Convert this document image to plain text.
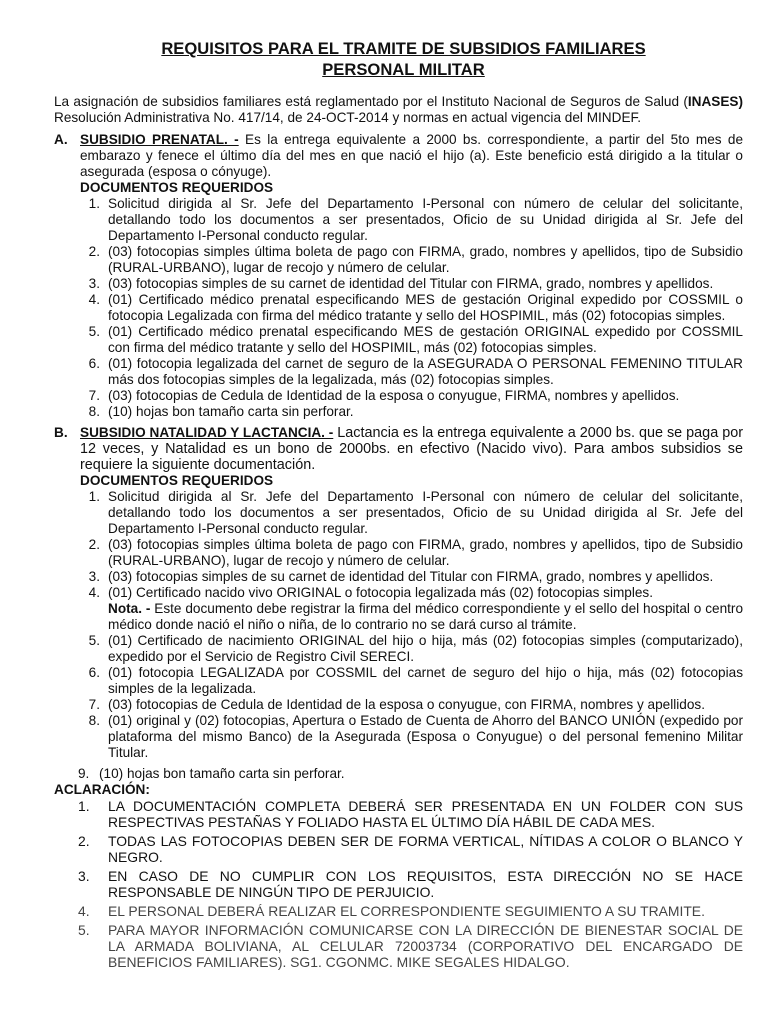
REQUISITOS PARA EL TRAMITE DE SUBSIDIOS FAMILIARES
PERSONAL MILITAR

La asignación de subsidios familiares está reglamentado por el Instituto Nacional de Seguros de Salud (INASES) Resolución Administrativa No. 417/14, de 24-OCT-2014 y normas en actual vigencia del MINDEF.

A. SUBSIDIO PRENATAL. - Es la entrega equivalente a 2000 bs. correspondiente, a partir del 5to mes de embarazo y fenece el último día del mes en que nació el hijo (a). Este beneficio está dirigido a la titular o asegurada (esposa o cónyuge).

DOCUMENTOS REQUERIDOS
1. Solicitud dirigida al Sr. Jefe del Departamento I-Personal con número de celular del solicitante, detallando todo los documentos a ser presentados, Oficio de su Unidad dirigida al Sr. Jefe del Departamento I-Personal conducto regular.
2. (03) fotocopias simples última boleta de pago con FIRMA, grado, nombres y apellidos, tipo de Subsidio (RURAL-URBANO), lugar de recojo y número de celular.
3. (03) fotocopias simples de su carnet de identidad del Titular con FIRMA, grado, nombres y apellidos.
4. (01) Certificado médico prenatal especificando MES de gestación Original expedido por COSSMIL o fotocopia Legalizada con firma del médico tratante y sello del HOSPIMIL, más (02) fotocopias simples.
5. (01) Certificado médico prenatal especificando MES de gestación ORIGINAL expedido por COSSMIL con firma del médico tratante y sello del HOSPIMIL, más (02) fotocopias simples.
6. (01) fotocopia legalizada del carnet de seguro de la ASEGURADA O PERSONAL FEMENINO TITULAR más dos fotocopias simples de la legalizada, más (02) fotocopias simples.
7. (03) fotocopias de Cedula de Identidad de la esposa o conyugue, FIRMA, nombres y apellidos.
8. (10) hojas bon tamaño carta sin perforar.
B. SUBSIDIO NATALIDAD Y LACTANCIA. - Lactancia es la entrega equivalente a 2000 bs. que se paga por 12 veces, y Natalidad es un bono de 2000bs. en efectivo (Nacido vivo). Para ambos subsidios se requiere la siguiente documentación.

DOCUMENTOS REQUERIDOS
1. Solicitud dirigida al Sr. Jefe del Departamento I-Personal con número de celular del solicitante, detallando todo los documentos a ser presentados, Oficio de su Unidad dirigida al Sr. Jefe del Departamento I-Personal conducto regular.
2. (03) fotocopias simples última boleta de pago con FIRMA, grado, nombres y apellidos, tipo de Subsidio (RURAL-URBANO), lugar de recojo y número de celular.
3. (03) fotocopias simples de su carnet de identidad del Titular con FIRMA, grado, nombres y apellidos.
4. (01) Certificado nacido vivo ORIGINAL o fotocopia legalizada más (02) fotocopias simples.
Nota. - Este documento debe registrar la firma del médico correspondiente y el sello del hospital o centro médico donde nació el niño o niña, de lo contrario no se dará curso al trámite.
5. (01) Certificado de nacimiento ORIGINAL del hijo o hija, más (02) fotocopias simples (computarizado), expedido por el Servicio de Registro Civil SERECI.
6. (01) fotocopia LEGALIZADA por COSSMIL del carnet de seguro del hijo o hija, más (02) fotocopias simples de la legalizada.
7. (03) fotocopias de Cedula de Identidad de la esposa o conyugue, con FIRMA, nombres y apellidos.
8. (01) original y (02) fotocopias, Apertura o Estado de Cuenta de Ahorro del BANCO UNIÓN (expedido por plataforma del mismo Banco) de la Asegurada (Esposa o Conyugue) o del personal femenino Militar Titular.
9. (10) hojas bon tamaño carta sin perforar.
ACLARACIÓN:
1. LA DOCUMENTACIÓN COMPLETA DEBERÁ SER PRESENTADA EN UN FOLDER CON SUS RESPECTIVAS PESTAÑAS Y FOLIADO HASTA EL ÚLTIMO DÍA HÁBIL DE CADA MES.
2. TODAS LAS FOTOCOPIAS DEBEN SER DE FORMA VERTICAL, NÍTIDAS A COLOR O BLANCO Y NEGRO.
3. EN CASO DE NO CUMPLIR CON LOS REQUISITOS, ESTA DIRECCIÓN NO SE HACE RESPONSABLE DE NINGÚN TIPO DE PERJUICIO.
4. EL PERSONAL DEBERÁ REALIZAR EL CORRESPONDIENTE SEGUIMIENTO A SU TRAMITE.
5. PARA MAYOR INFORMACIÓN COMUNICARSE CON LA DIRECCIÓN DE BIENESTAR SOCIAL DE LA ARMADA BOLIVIANA, AL CELULAR 72003734 (CORPORATIVO DEL ENCARGADO DE BENEFICIOS FAMILIARES). SG1. CGONMC. MIKE SEGALES HIDALGO.
